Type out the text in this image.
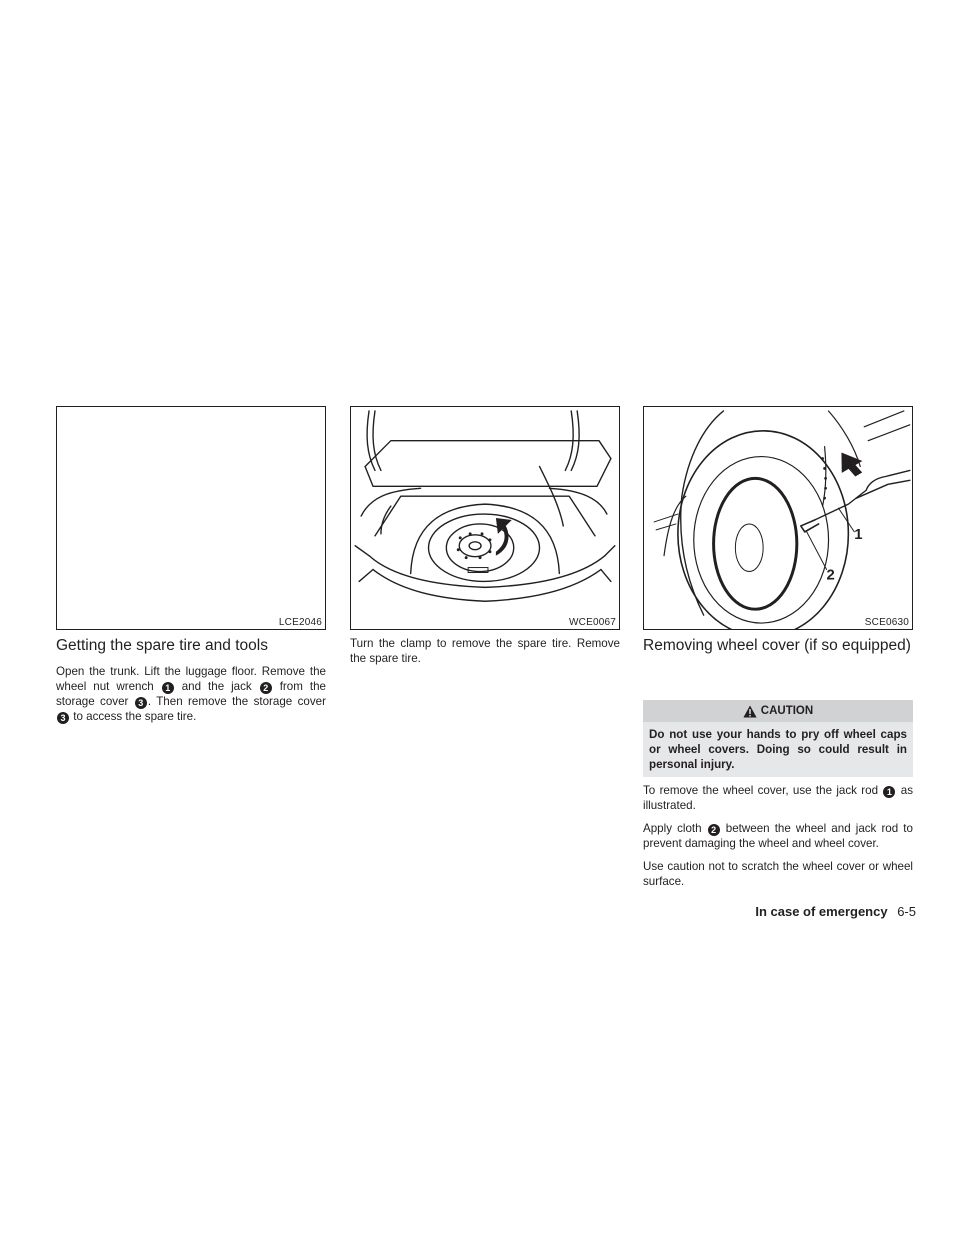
LCE2046	WCE0067
1
2
SCE0630
Getting the spare tire and tools

Open the trunk. Lift the luggage floor. Remove the wheel nut wrench 1 and the jack 2 from the storage cover 3 . Then remove the storage cover 3 to access the spare tire.

Turn the clamp to remove the spare tire. Remove the spare tire.

Removing wheel cover (if so equipped)
CAUTION
Do not use your hands to pry off wheel caps or wheel covers. Doing so could result in personal injury.

To remove the wheel cover, use the jack rod 1 as illustrated.

Apply cloth 2 between the wheel and jack rod to prevent damaging the wheel and wheel cover.

Use caution not to scratch the wheel cover or wheel surface.

In case of emergency 6-5
